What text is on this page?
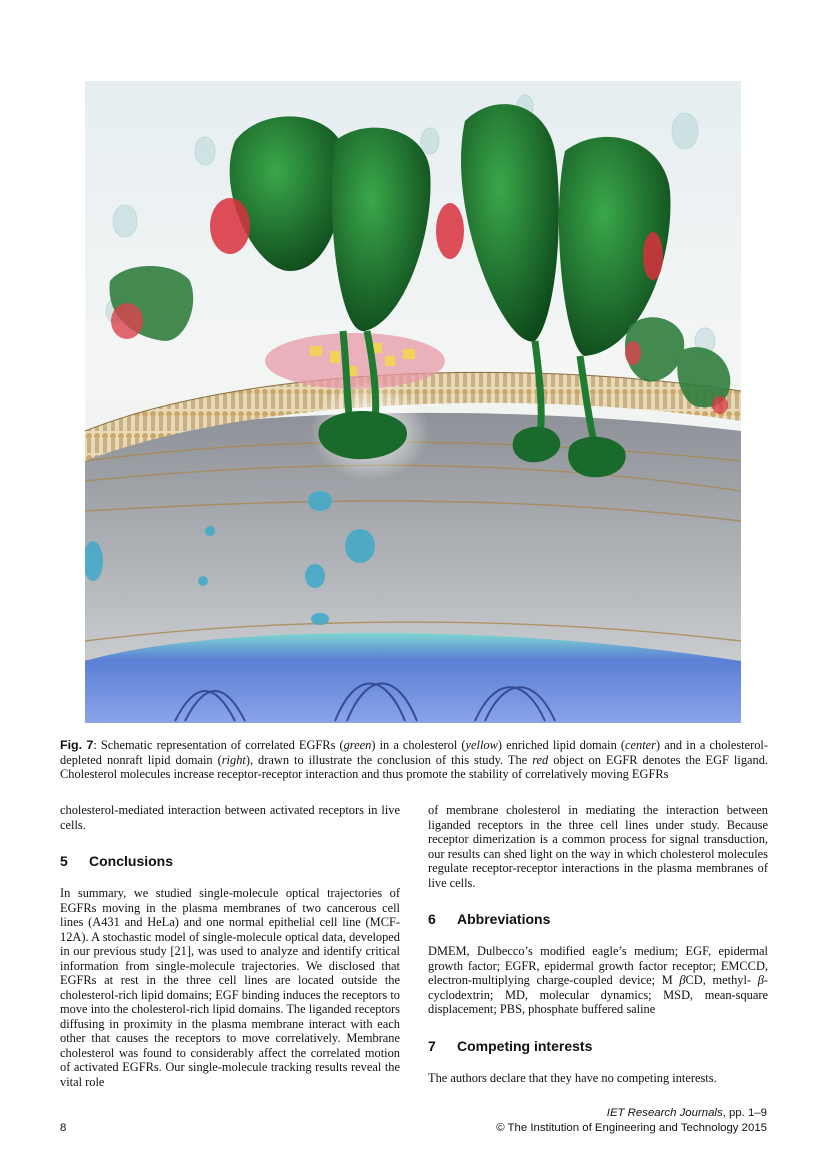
Fig. 7: Schematic representation of correlated EGFRs (green) in a cholesterol (yellow) enriched lipid domain (center) and in a cholesterol-depleted nonraft lipid domain (right), drawn to illustrate the conclusion of this study. The red object on EGFR denotes the EGF ligand. Cholesterol molecules increase receptor-receptor interaction and thus promote the stability of correlatively moving EGFRs

cholesterol-mediated interaction between activated receptors in live cells.

5	Conclusions

In summary, we studied single-molecule optical trajectories of EGFRs moving in the plasma membranes of two cancerous cell lines (A431 and HeLa) and one normal epithelial cell line (MCF-12A). A stochastic model of single-molecule optical data, developed in our previous study [21], was used to analyze and identify critical information from single-molecule trajectories. We disclosed that EGFRs at rest in the three cell lines are located outside the cholesterol-rich lipid domains; EGF binding induces the receptors to move into the cholesterol-rich lipid domains. The liganded receptors diffusing in proximity in the plasma membrane interact with each other that causes the receptors to move correlatively. Membrane cholesterol was found to considerably affect the correlated motion of activated EGFRs. Our single-molecule tracking results reveal the vital role

of membrane cholesterol in mediating the interaction between liganded receptors in the three cell lines under study. Because receptor dimerization is a common process for signal transduction, our results can shed light on the way in which cholesterol molecules regulate receptor-receptor interactions in the plasma membranes of live cells.

6	Abbreviations

DMEM, Dulbecco’s modified eagle’s medium; EGF, epidermal growth factor; EGFR, epidermal growth factor receptor; EMCCD, electron-multiplying charge-coupled device; M βCD, methyl- β-cyclodextrin; MD, molecular dynamics; MSD, mean-square displacement; PBS, phosphate buffered saline

7	Competing interests

The authors declare that they have no competing interests.

IET Research Journals, pp. 1–9
© The Institution of Engineering and Technology 2015
8
